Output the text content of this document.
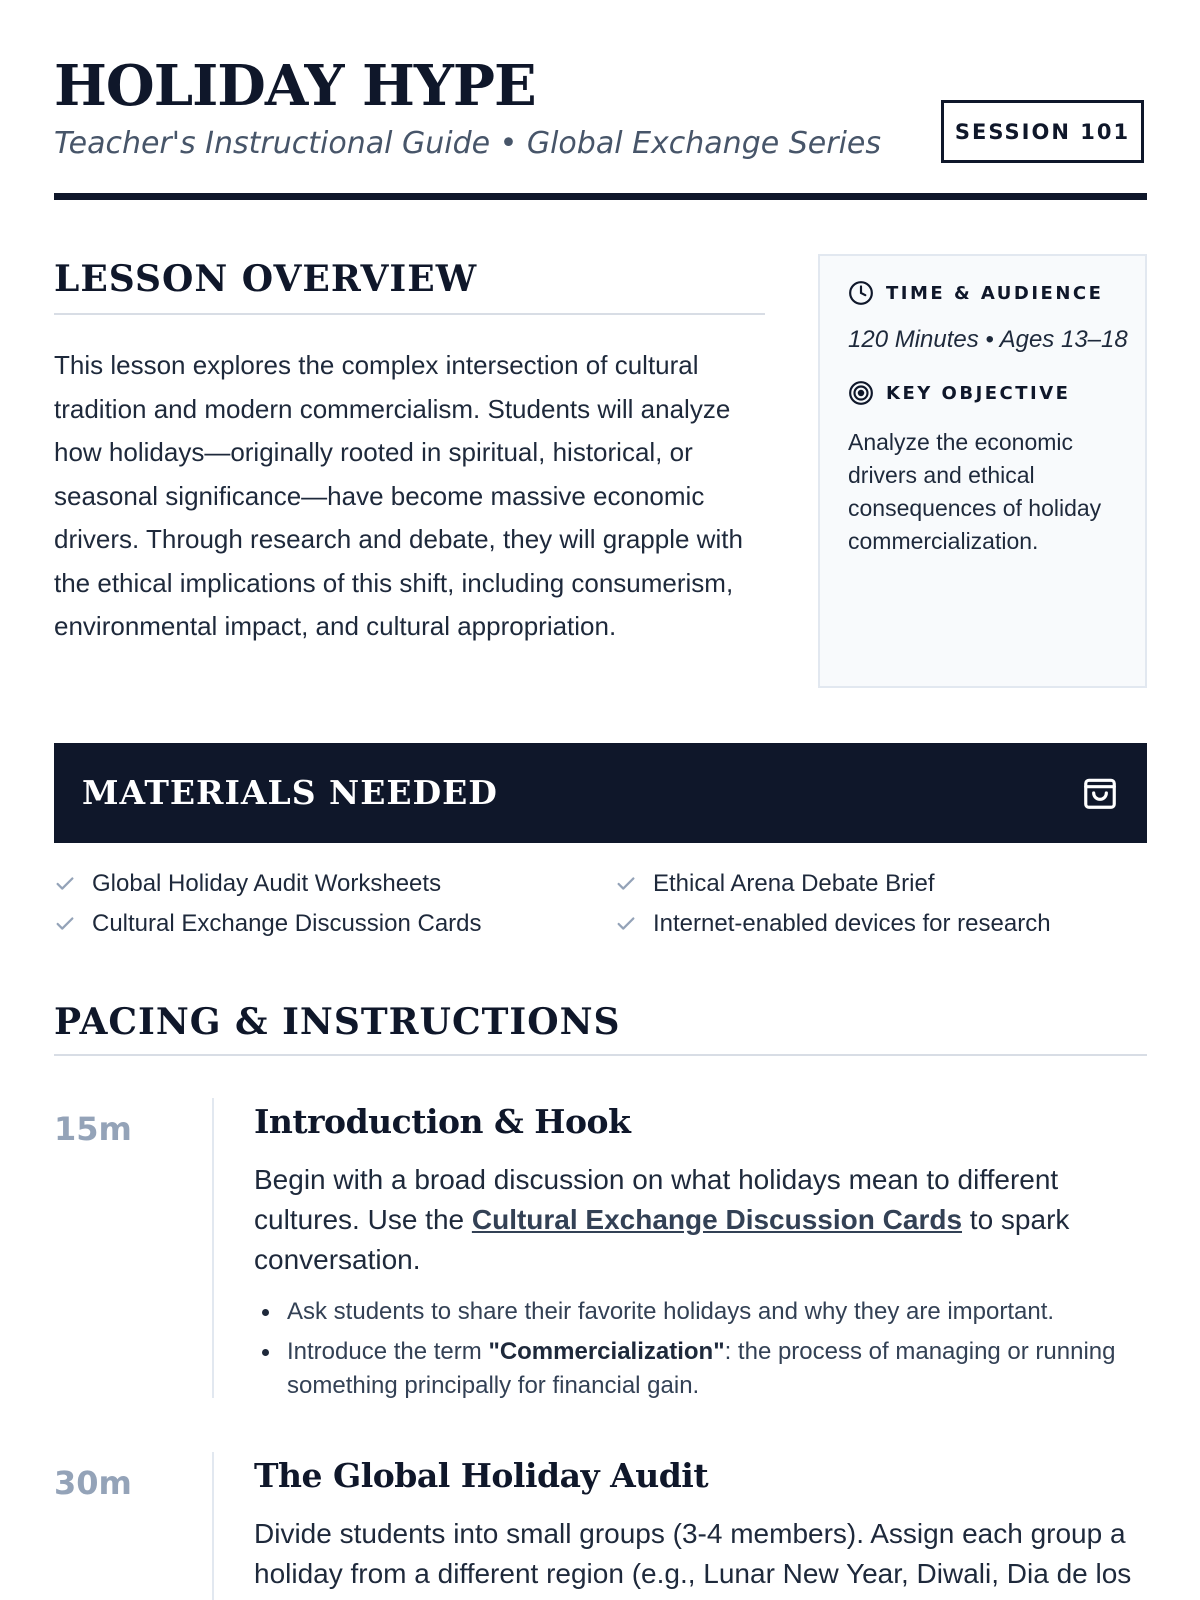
HOLIDAY HYPE

Teacher's Instructional Guide • Global Exchange Series	SESSION 101
LESSON OVERVIEW

This lesson explores the complex intersection of cultural tradition and modern commercialism. Students will analyze how holidays—originally rooted in spiritual, historical, or seasonal significance—have become massive economic drivers. Through research and debate, they will grapple with the ethical implications of this shift, including consumerism, environmental impact, and cultural appropriation.

TIME & AUDIENCE
120 Minutes • Ages 13–18
KEY OBJECTIVE

Analyze the economic drivers and ethical consequences of holiday commercialization.

MATERIALS NEEDED
Global Holiday Audit Worksheets	Ethical Arena Debate Brief
Cultural Exchange Discussion Cards	Internet-enabled devices for research
PACING & INSTRUCTIONS
15m	Introduction & Hook

Begin with a broad discussion on what holidays mean to different cultures. Use the Cultural Exchange Discussion Cards to spark conversation.

Ask students to share their favorite holidays and why they are important.
Introduce the term "Commercialization": the process of managing or running something principally for financial gain.
30m	The Global Holiday Audit

Divide students into small groups (3-4 members). Assign each group a holiday from a different region (e.g., Lunar New Year, Diwali, Dia de los
